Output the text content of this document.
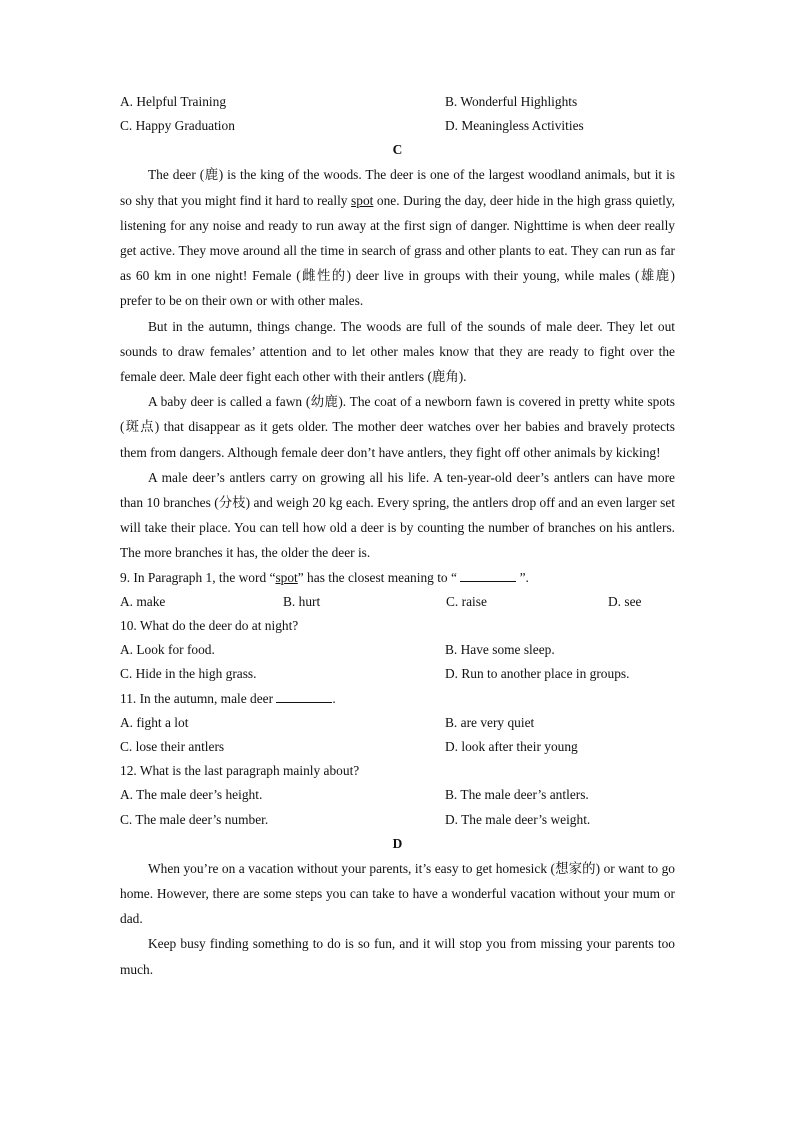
A. Helpful Training	B. Wonderful Highlights
C. Happy Graduation	D. Meaningless Activities
C

The deer (鹿) is the king of the woods. The deer is one of the largest woodland animals, but it is so shy that you might find it hard to really spot one. During the day, deer hide in the high grass quietly, listening for any noise and ready to run away at the first sign of danger. Nighttime is when deer really get active. They move around all the time in search of grass and other plants to eat. They can run as far as 60 km in one night! Female (雌性的) deer live in groups with their young, while males (雄鹿) prefer to be on their own or with other males.

But in the autumn, things change. The woods are full of the sounds of male deer. They let out sounds to draw females’ attention and to let other males know that they are ready to fight over the female deer. Male deer fight each other with their antlers (鹿角).

A baby deer is called a fawn (幼鹿). The coat of a newborn fawn is covered in pretty white spots (斑点) that disappear as it gets older. The mother deer watches over her babies and bravely protects them from dangers. Although female deer don’t have antlers, they fight off other animals by kicking!

A male deer’s antlers carry on growing all his life. A ten-year-old deer’s antlers can have more than 10 branches (分枝) and weigh 20 kg each. Every spring, the antlers drop off and an even larger set will take their place. You can tell how old a deer is by counting the number of branches on his antlers. The more branches it has, the older the deer is.

9. In Paragraph 1, the word “spot” has the closest meaning to “	”.
A. make	B. hurt	C. raise	D. see
10. What do the deer do at night?
A. Look for food.	B. Have some sleep.
C. Hide in the high grass.	D. Run to another place in groups.
11. In the autumn, male deer	.
A. fight a lot	B. are very quiet
C. lose their antlers	D. look after their young
12. What is the last paragraph mainly about?
A. The male deer’s height.	B. The male deer’s antlers.
C. The male deer’s number.	D. The male deer’s weight.
D

When you’re on a vacation without your parents, it’s easy to get homesick (想家的) or want to go home. However, there are some steps you can take to have a wonderful vacation without your mum or dad.

Keep busy finding something to do is so fun, and it will stop you from missing your parents too much.
